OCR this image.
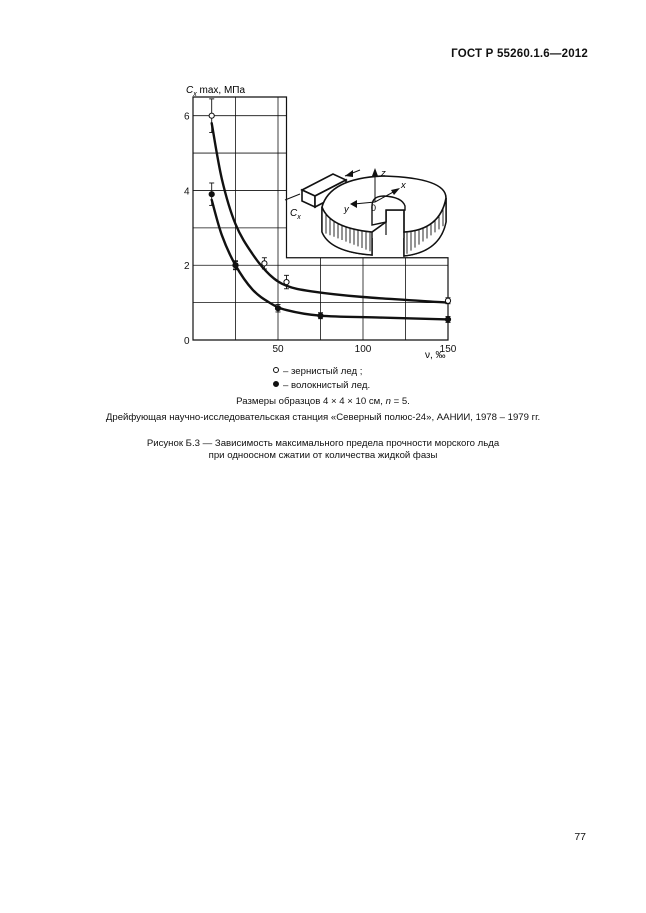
ГОСТ Р 55260.1.6—2012
0
2
4
6
50	100	150
$C_x$ max, МПа
ν, ‰
$C_x$
z
x
y 0
– зернистый лед ;
– волокнистый лед.
Размеры образцов 4 × 4 × 10 см, n = 5.
Дрейфующая научно-исследовательская станция «Северный полюс-24», ААНИИ, 1978 – 1979 гг.
Рисунок Б.3 — Зависимость максимального предела прочности морского льда
при одноосном сжатии от количества жидкой фазы
77
